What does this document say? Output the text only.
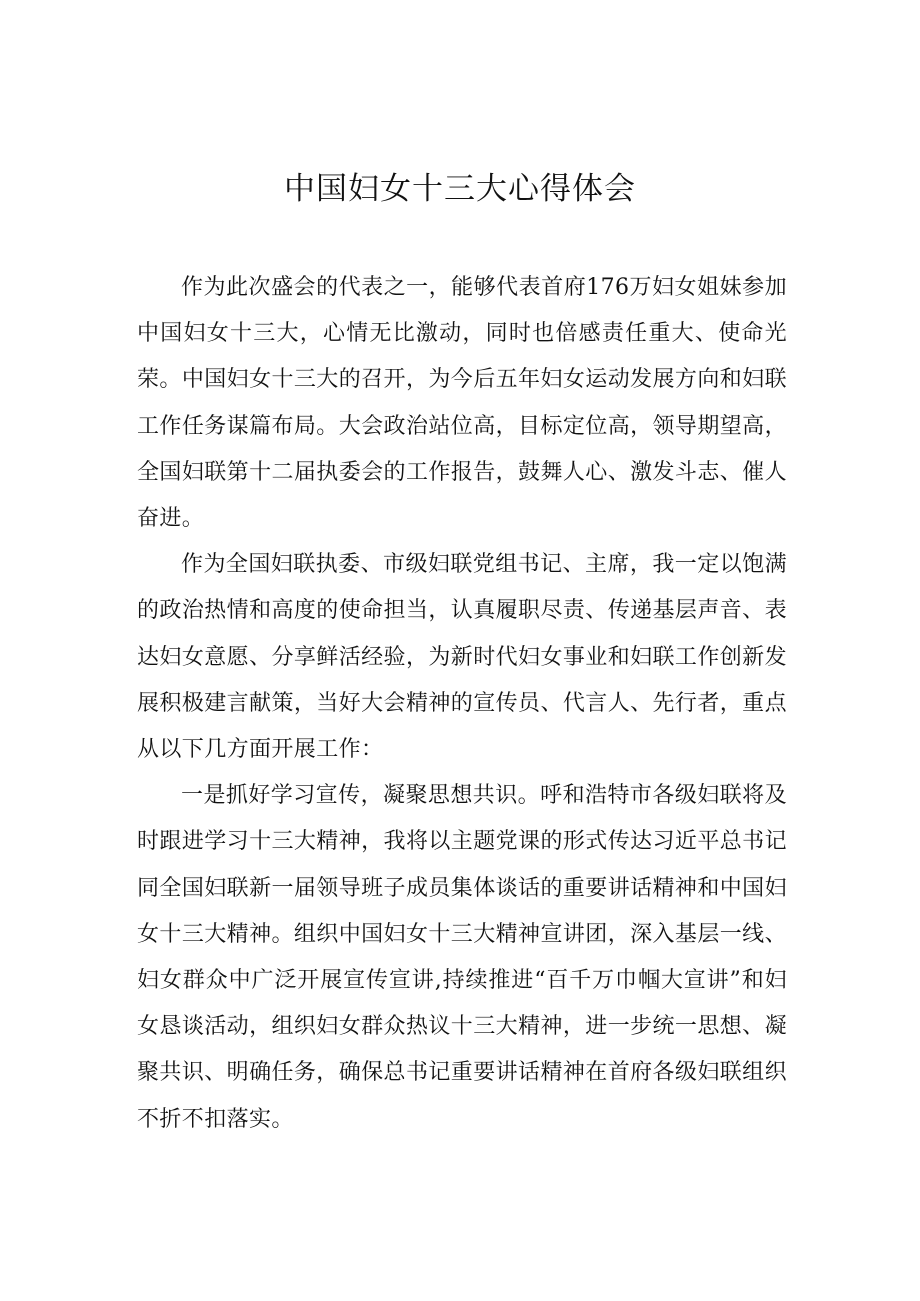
中国妇女十三大心得体会

作为此次盛会的代表之一，能够代表首府176万妇女姐妹参加中国妇女十三大，心情无比激动，同时也倍感责任重大、使命光荣。中国妇女十三大的召开，为今后五年妇女运动发展方向和妇联工作任务谋篇布局。大会政治站位高，目标定位高，领导期望高，全国妇联第十二届执委会的工作报告，鼓舞人心、激发斗志、催人奋进。

作为全国妇联执委、市级妇联党组书记、主席，我一定以饱满的政治热情和高度的使命担当，认真履职尽责、传递基层声音、表达妇女意愿、分享鲜活经验，为新时代妇女事业和妇联工作创新发展积极建言献策，当好大会精神的宣传员、代言人、先行者，重点从以下几方面开展工作：

一是抓好学习宣传，凝聚思想共识。呼和浩特市各级妇联将及时跟进学习十三大精神，我将以主题党课的形式传达习近平总书记同全国妇联新一届领导班子成员集体谈话的重要讲话精神和中国妇女十三大精神。组织中国妇女十三大精神宣讲团，深入基层一线、妇女群众中广泛开展宣传宣讲,持续推进“百千万巾帼大宣讲”和妇女恳谈活动，组织妇女群众热议十三大精神，进一步统一思想、凝聚共识、明确任务，确保总书记重要讲话精神在首府各级妇联组织不折不扣落实。
